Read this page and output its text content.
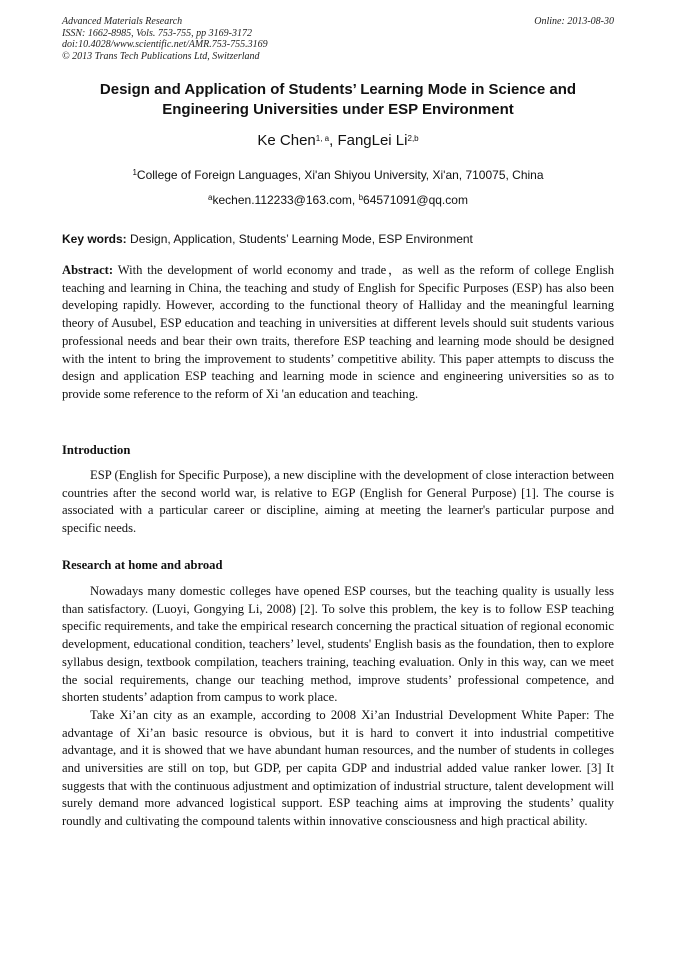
Advanced Materials Research
ISSN: 1662-8985, Vols. 753-755, pp 3169-3172
doi:10.4028/www.scientific.net/AMR.753-755.3169
© 2013 Trans Tech Publications Ltd, Switzerland
Online: 2013-08-30
Design and Application of Students’ Learning Mode in Science and
Engineering Universities under ESP Environment
Ke Chen$^{1, a}$, FangLei Li$^{2,b}$
$^1$College of Foreign Languages, Xi'an Shiyou University, Xi'an, 710075, China
$^a$kechen.112233@163.com, $^b$64571091@qq.com
Key words: Design, Application, Students’ Learning Mode, ESP Environment

Abstract: With the development of world economy and trade，as well as the reform of college English teaching and learning in China, the teaching and study of English for Specific Purposes (ESP) has also been developing rapidly. However, according to the functional theory of Halliday and the meaningful learning theory of Ausubel, ESP education and teaching in universities at different levels should suit students various professional needs and bear their own traits, therefore ESP teaching and learning mode should be designed with the intent to bring the improvement to students’ competitive ability. This paper attempts to discuss the design and application ESP teaching and learning mode in science and engineering universities so as to provide some reference to the reform of Xi 'an education and teaching.

Introduction

ESP (English for Specific Purpose), a new discipline with the development of close interaction between countries after the second world war, is relative to EGP (English for General Purpose) [1]. The course is associated with a particular career or discipline, aiming at meeting the learner's particular purpose and specific needs.

Research at home and abroad

Nowadays many domestic colleges have opened ESP courses, but the teaching quality is usually less than satisfactory. (Luoyi, Gongying Li, 2008) [2]. To solve this problem, the key is to follow ESP teaching specific requirements, and take the empirical research concerning the practical situation of regional economic development, educational condition, teachers’ level, students' English basis as the foundation, then to explore syllabus design, textbook compilation, teachers training, teaching evaluation. Only in this way, can we meet the social requirements, change our teaching method, improve students’ professional competence, and shorten students’ adaption from campus to work place.

Take Xi’an city as an example, according to 2008 Xi’an Industrial Development White Paper: The advantage of Xi’an basic resource is obvious, but it is hard to convert it into industrial competitive advantage, and it is showed that we have abundant human resources, and the number of students in colleges and universities are still on top, but GDP, per capita GDP and industrial added value ranker lower. [3] It suggests that with the continuous adjustment and optimization of industrial structure, talent development will surely demand more advanced logistical support. ESP teaching aims at improving the students’ quality roundly and cultivating the compound talents within innovative consciousness and high practical ability.
